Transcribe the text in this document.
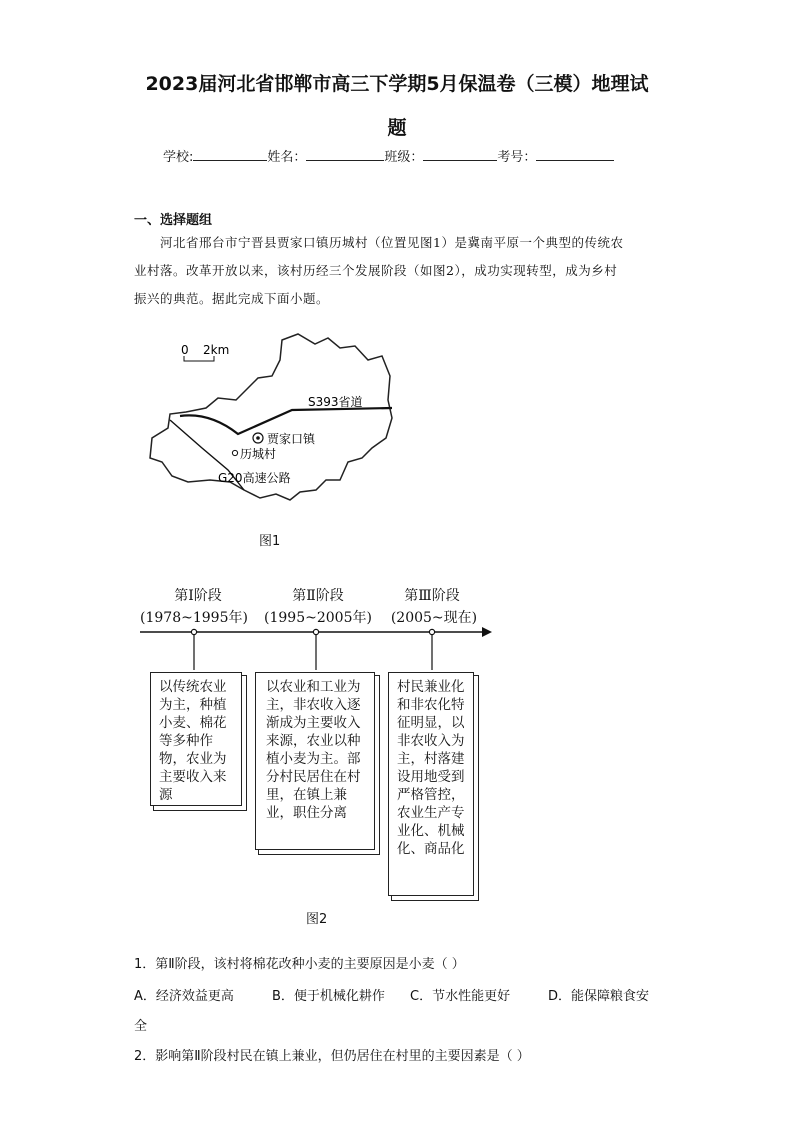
2023届河北省邯郸市高三下学期5月保温卷（三模）地理试
题
学校:	姓名：	班级：	考号：
一、选择题组
河北省邢台市宁晋县贾家口镇历城村（位置见图1）是冀南平原一个典型的传统农
业村落。改革开放以来，该村历经三个发展阶段（如图2），成功实现转型，成为乡村
振兴的典范。据此完成下面小题。
0 2km
S393省道
贾家口镇
历城村
G20高速公路
图1
第Ⅰ阶段
(1978~1995年)
第Ⅱ阶段
(1995~2005年)
第Ⅲ阶段
(2005~现在)
以传统农业
为主，种植
小麦、棉花
等多种作
物，农业为
主要收入来
源
以农业和工业为
主，非农收入逐
渐成为主要收入
来源，农业以种
植小麦为主。部
分村民居住在村
里，在镇上兼
业，职住分离
村民兼业化
和非农化特
征明显，以
非农收入为
主，村落建
设用地受到
严格管控，
农业生产专
业化、机械
化、商品化
图2
1．第Ⅱ阶段，该村将棉花改种小麦的主要原因是小麦（ ）
A．经济效益更高	B．便于机械化耕作 C．节水性能更好	D．能保障粮食安
全
2．影响第Ⅱ阶段村民在镇上兼业，但仍居住在村里的主要因素是（ ）
